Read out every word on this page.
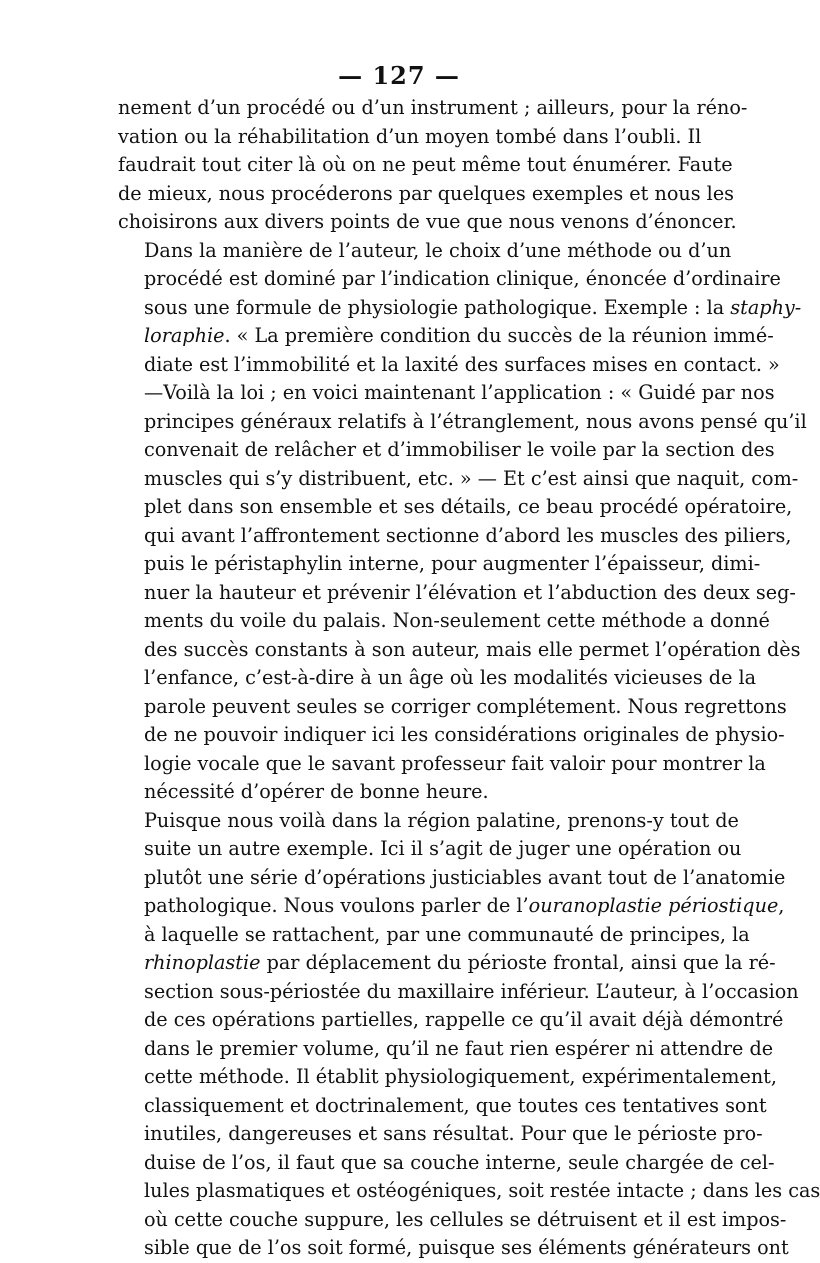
— 127 —
nement d’un procédé ou d’un instrument ; ailleurs, pour la réno-
vation ou la réhabilitation d’un moyen tombé dans l’oubli. Il
faudrait tout citer là où on ne peut même tout énumérer. Faute
de mieux, nous procéderons par quelques exemples et nous les
choisirons aux divers points de vue que nous venons d’énoncer.
Dans la manière de l’auteur, le choix d’une méthode ou d’un
procédé est dominé par l’indication clinique, énoncée d’ordinaire
sous une formule de physiologie pathologique. Exemple : la staphy-
loraphie. « La première condition du succès de la réunion immé-
diate est l’immobilité et la laxité des surfaces mises en contact. »
—Voilà la loi ; en voici maintenant l’application : « Guidé par nos
principes généraux relatifs à l’étranglement, nous avons pensé qu’il
convenait de relâcher et d’immobiliser le voile par la section des
muscles qui s’y distribuent, etc. » — Et c’est ainsi que naquit, com-
plet dans son ensemble et ses détails, ce beau procédé opératoire,
qui avant l’affrontement sectionne d’abord les muscles des piliers,
puis le péristaphylin interne, pour augmenter l’épaisseur, dimi-
nuer la hauteur et prévenir l’élévation et l’abduction des deux seg-
ments du voile du palais. Non-seulement cette méthode a donné
des succès constants à son auteur, mais elle permet l’opération dès
l’enfance, c’est-à-dire à un âge où les modalités vicieuses de la
parole peuvent seules se corriger complétement. Nous regrettons
de ne pouvoir indiquer ici les considérations originales de physio-
logie vocale que le savant professeur fait valoir pour montrer la
nécessité d’opérer de bonne heure.
Puisque nous voilà dans la région palatine, prenons-y tout de
suite un autre exemple. Ici il s’agit de juger une opération ou
plutôt une série d’opérations justiciables avant tout de l’anatomie
pathologique. Nous voulons parler de l’ouranoplastie périostique,
à laquelle se rattachent, par une communauté de principes, la
rhinoplastie par déplacement du périoste frontal, ainsi que la ré-
section sous-périostée du maxillaire inférieur. L’auteur, à l’occasion
de ces opérations partielles, rappelle ce qu’il avait déjà démontré
dans le premier volume, qu’il ne faut rien espérer ni attendre de
cette méthode. Il établit physiologiquement, expérimentalement,
classiquement et doctrinalement, que toutes ces tentatives sont
inutiles, dangereuses et sans résultat. Pour que le périoste pro-
duise de l’os, il faut que sa couche interne, seule chargée de cel-
lules plasmatiques et ostéogéniques, soit restée intacte ; dans les cas
où cette couche suppure, les cellules se détruisent et il est impos-
sible que de l’os soit formé, puisque ses éléments générateurs ont
